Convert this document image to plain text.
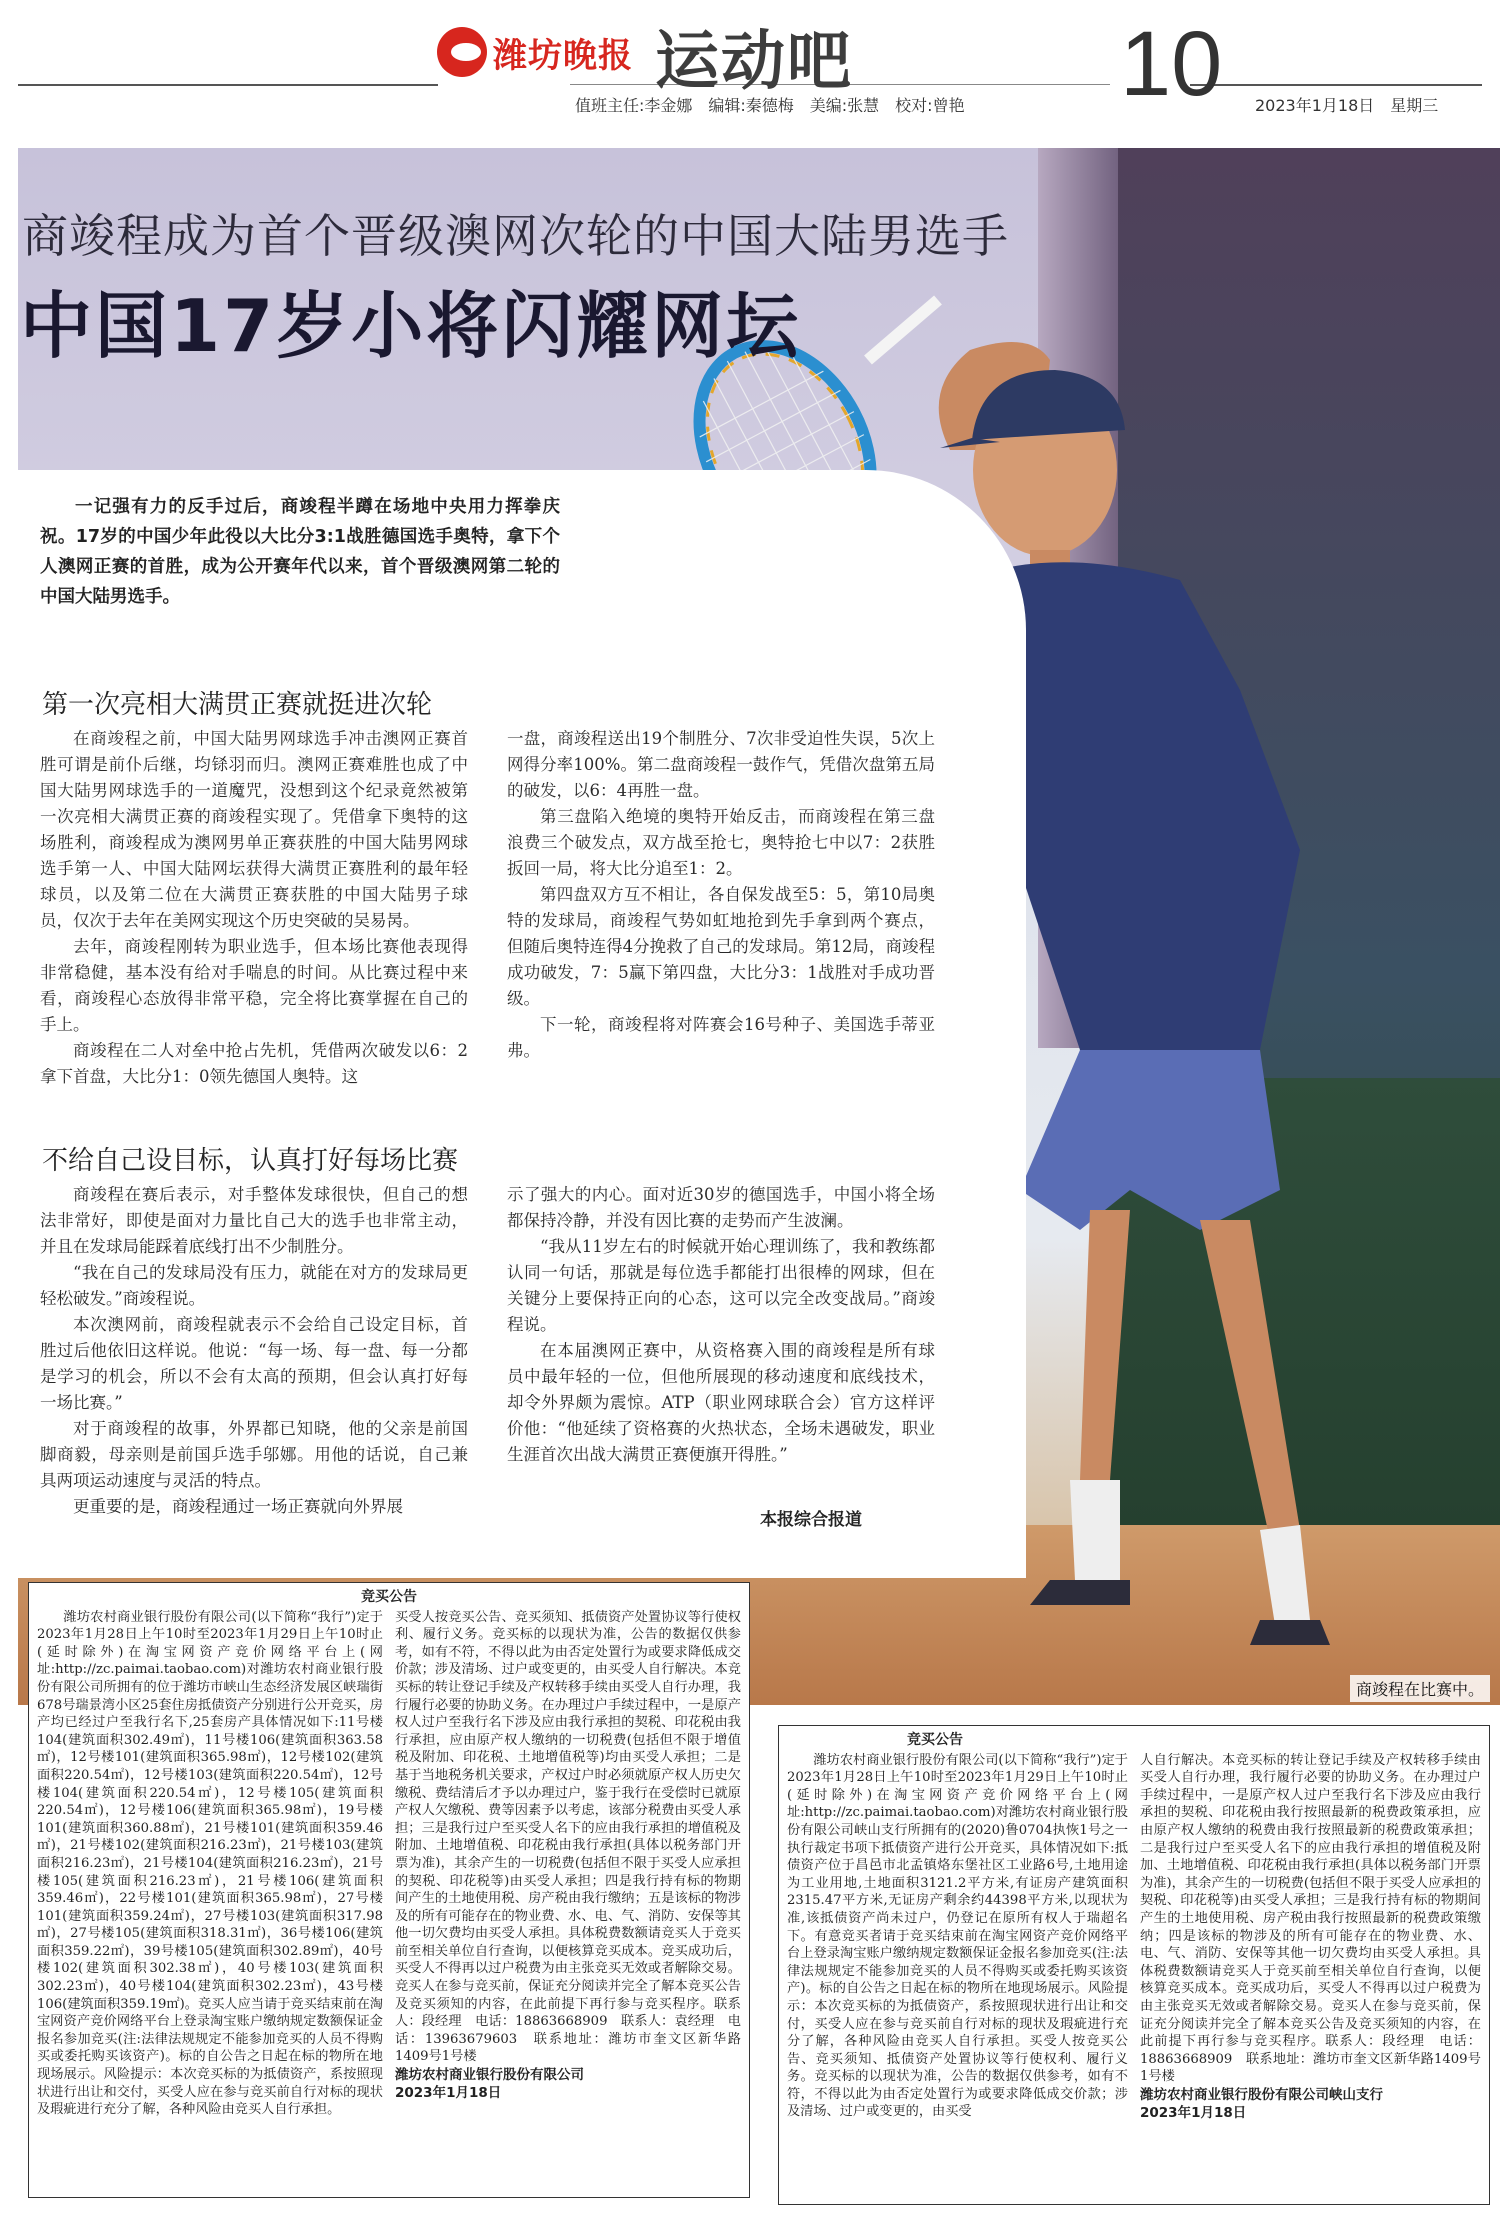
潍坊晚报 运动吧	10
值班主任:李金娜　编辑:秦德梅　美编:张慧　校对:曾艳	2023年1月18日　星期三
商竣程成为首个晋级澳网次轮的中国大陆男选手
中国17岁小将闪耀网坛
一记强有力的反手过后，商竣程半蹲在场地中央用力挥拳庆祝。17岁的中国少年此役以大比分3:1战胜德国选手奥特，拿下个人澳网正赛的首胜，成为公开赛年代以来，首个晋级澳网第二轮的中国大陆男选手。
第一次亮相大满贯正赛就挺进次轮

在商竣程之前，中国大陆男网球选手冲击澳网正赛首胜可谓是前仆后继，均铩羽而归。澳网正赛难胜也成了中国大陆男网球选手的一道魔咒，没想到这个纪录竟然被第一次亮相大满贯正赛的商竣程实现了。凭借拿下奥特的这场胜利，商竣程成为澳网男单正赛获胜的中国大陆男网球选手第一人、中国大陆网坛获得大满贯正赛胜利的最年轻球员，以及第二位在大满贯正赛获胜的中国大陆男子球员，仅次于去年在美网实现这个历史突破的吴易昺。

去年，商竣程刚转为职业选手，但本场比赛他表现得非常稳健，基本没有给对手喘息的时间。从比赛过程中来看，商竣程心态放得非常平稳，完全将比赛掌握在自己的手上。

商竣程在二人对垒中抢占先机，凭借两次破发以6：2拿下首盘，大比分1：0领先德国人奥特。这

一盘，商竣程送出19个制胜分、7次非受迫性失误，5次上网得分率100%。第二盘商竣程一鼓作气，凭借次盘第五局的破发，以6：4再胜一盘。

第三盘陷入绝境的奥特开始反击，而商竣程在第三盘浪费三个破发点，双方战至抢七，奥特抢七中以7：2获胜扳回一局，将大比分追至1：2。

第四盘双方互不相让，各自保发战至5：5，第10局奥特的发球局，商竣程气势如虹地抢到先手拿到两个赛点，但随后奥特连得4分挽救了自己的发球局。第12局，商竣程成功破发，7：5赢下第四盘，大比分3：1战胜对手成功晋级。

下一轮，商竣程将对阵赛会16号种子、美国选手蒂亚弗。

不给自己设目标，认真打好每场比赛

商竣程在赛后表示，对手整体发球很快，但自己的想法非常好，即使是面对力量比自己大的选手也非常主动，并且在发球局能踩着底线打出不少制胜分。

“我在自己的发球局没有压力，就能在对方的发球局更轻松破发。”商竣程说。

本次澳网前，商竣程就表示不会给自己设定目标，首胜过后他依旧这样说。他说：“每一场、每一盘、每一分都是学习的机会，所以不会有太高的预期，但会认真打好每一场比赛。”

对于商竣程的故事，外界都已知晓，他的父亲是前国脚商毅，母亲则是前国乒选手邬娜。用他的话说，自己兼具两项运动速度与灵活的特点。

更重要的是，商竣程通过一场正赛就向外界展

示了强大的内心。面对近30岁的德国选手，中国小将全场都保持冷静，并没有因比赛的走势而产生波澜。

“我从11岁左右的时候就开始心理训练了，我和教练都认同一句话，那就是每位选手都能打出很棒的网球，但在关键分上要保持正向的心态，这可以完全改变战局。”商竣程说。

在本届澳网正赛中，从资格赛入围的商竣程是所有球员中最年轻的一位，但他所展现的移动速度和底线技术，却令外界颇为震惊。ATP（职业网球联合会）官方这样评价他：“他延续了资格赛的火热状态，全场未遇破发，职业生涯首次出战大满贯正赛便旗开得胜。”

本报综合报道
商竣程在比赛中。
竞买公告

潍坊农村商业银行股份有限公司(以下简称“我行”)定于2023年1月28日上午10时至2023年1月29日上午10时止(延时除外)在淘宝网资产竞价网络平台上(网址:http://zc.paimai.taobao.com)对潍坊农村商业银行股份有限公司所拥有的位于潍坊市峡山生态经济发展区峡瑞街678号瑞景湾小区25套住房抵债资产分别进行公开竞买，房产均已经过户至我行名下,25套房产具体情况如下:11号楼104(建筑面积302.49㎡)，11号楼106(建筑面积363.58㎡)，12号楼101(建筑面积365.98㎡)，12号楼102(建筑面积220.54㎡)，12号楼103(建筑面积220.54㎡)，12号楼104(建筑面积220.54㎡)，12号楼105(建筑面积220.54㎡)，12号楼106(建筑面积365.98㎡)，19号楼101(建筑面积360.88㎡)，21号楼101(建筑面积359.46㎡)，21号楼102(建筑面积216.23㎡)，21号楼103(建筑面积216.23㎡)，21号楼104(建筑面积216.23㎡)，21号楼105(建筑面积216.23㎡)，21号楼106(建筑面积359.46㎡)，22号楼101(建筑面积365.98㎡)，27号楼101(建筑面积359.24㎡)，27号楼103(建筑面积317.98㎡)，27号楼105(建筑面积318.31㎡)，36号楼106(建筑面积359.22㎡)，39号楼105(建筑面积302.89㎡)，40号楼102(建筑面积302.38㎡)，40号楼103(建筑面积302.23㎡)，40号楼104(建筑面积302.23㎡)，43号楼106(建筑面积359.19㎡)。竞买人应当请于竞买结束前在淘宝网资产竞价网络平台上登录淘宝账户缴纳规定数额保证金报名参加竞买(注:法律法规规定不能参加竞买的人员不得购买或委托购买该资产)。标的自公告之日起在标的物所在地现场展示。风险提示：本次竞买标的为抵债资产，系按照现状进行出让和交付，买受人应在参与竞买前自行对标的现状及瑕疵进行充分了解，各种风险由竞买人自行承担。

买受人按竞买公告、竞买须知、抵债资产处置协议等行使权利、履行义务。竞买标的以现状为准，公告的数据仅供参考，如有不符，不得以此为由否定处置行为或要求降低成交价款；涉及清场、过户或变更的，由买受人自行解决。本竞买标的转让登记手续及产权转移手续由买受人自行办理，我行履行必要的协助义务。在办理过户手续过程中，一是原产权人过户至我行名下涉及应由我行承担的契税、印花税由我行承担，应由原产权人缴纳的一切税费(包括但不限于增值税及附加、印花税、土地增值税等)均由买受人承担；二是基于当地税务机关要求，产权过户时必须就原产权人历史欠缴税、费结清后才予以办理过户，鉴于我行在受偿时已就原产权人欠缴税、费等因素予以考虑，该部分税费由买受人承担；三是我行过户至买受人名下的应由我行承担的增值税及附加、土地增值税、印花税由我行承担(具体以税务部门开票为准)，其余产生的一切税费(包括但不限于买受人应承担的契税、印花税等)由买受人承担；四是我行持有标的物期间产生的土地使用税、房产税由我行缴纳；五是该标的物涉及的所有可能存在的物业费、水、电、气、消防、安保等其他一切欠费均由买受人承担。具体税费数额请竞买人于竞买前至相关单位自行查询，以便核算竞买成本。竞买成功后，买受人不得再以过户税费为由主张竞买无效或者解除交易。竞买人在参与竞买前，保证充分阅读并完全了解本竞买公告及竞买须知的内容，在此前提下再行参与竞买程序。联系人：段经理　电话：18863668909　联系人：袁经理　电话：13963679603　联系地址：潍坊市奎文区新华路1409号1号楼

潍坊农村商业银行股份有限公司
2023年1月18日
竞买公告

潍坊农村商业银行股份有限公司(以下简称“我行”)定于2023年1月28日上午10时至2023年1月29日上午10时止(延时除外)在淘宝网资产竞价网络平台上(网址:http://zc.paimai.taobao.com)对潍坊农村商业银行股份有限公司峡山支行所拥有的(2020)鲁0704执恢1号之一执行裁定书项下抵债资产进行公开竞买，具体情况如下:抵债资产位于昌邑市北孟镇烙东堡社区工业路6号,土地用途为工业用地,土地面积3121.2平方米,有证房产建筑面积2315.47平方米,无证房产剩余约44398平方米,以现状为准,该抵债资产尚未过户，仍登记在原所有权人于瑞超名下。有意竞买者请于竞买结束前在淘宝网资产竞价网络平台上登录淘宝账户缴纳规定数额保证金报名参加竞买(注:法律法规规定不能参加竞买的人员不得购买或委托购买该资产)。标的自公告之日起在标的物所在地现场展示。风险提示：本次竞买标的为抵债资产，系按照现状进行出让和交付，买受人应在参与竞买前自行对标的现状及瑕疵进行充分了解，各种风险由竞买人自行承担。买受人按竞买公告、竞买须知、抵债资产处置协议等行使权利、履行义务。竞买标的以现状为准，公告的数据仅供参考，如有不符，不得以此为由否定处置行为或要求降低成交价款；涉及清场、过户或变更的，由买受

人自行解决。本竞买标的转让登记手续及产权转移手续由买受人自行办理，我行履行必要的协助义务。在办理过户手续过程中，一是原产权人过户至我行名下涉及应由我行承担的契税、印花税由我行按照最新的税费政策承担，应由原产权人缴纳的税费由我行按照最新的税费政策承担；二是我行过户至买受人名下的应由我行承担的增值税及附加、土地增值税、印花税由我行承担(具体以税务部门开票为准)，其余产生的一切税费(包括但不限于买受人应承担的契税、印花税等)由买受人承担；三是我行持有标的物期间产生的土地使用税、房产税由我行按照最新的税费政策缴纳；四是该标的物涉及的所有可能存在的物业费、水、电、气、消防、安保等其他一切欠费均由买受人承担。具体税费数额请竞买人于竞买前至相关单位自行查询，以便核算竞买成本。竞买成功后，买受人不得再以过户税费为由主张竞买无效或者解除交易。竞买人在参与竞买前，保证充分阅读并完全了解本竞买公告及竞买须知的内容，在此前提下再行参与竞买程序。联系人：段经理　电话：18863668909　联系地址：潍坊市奎文区新华路1409号1号楼

潍坊农村商业银行股份有限公司峡山支行
2023年1月18日
